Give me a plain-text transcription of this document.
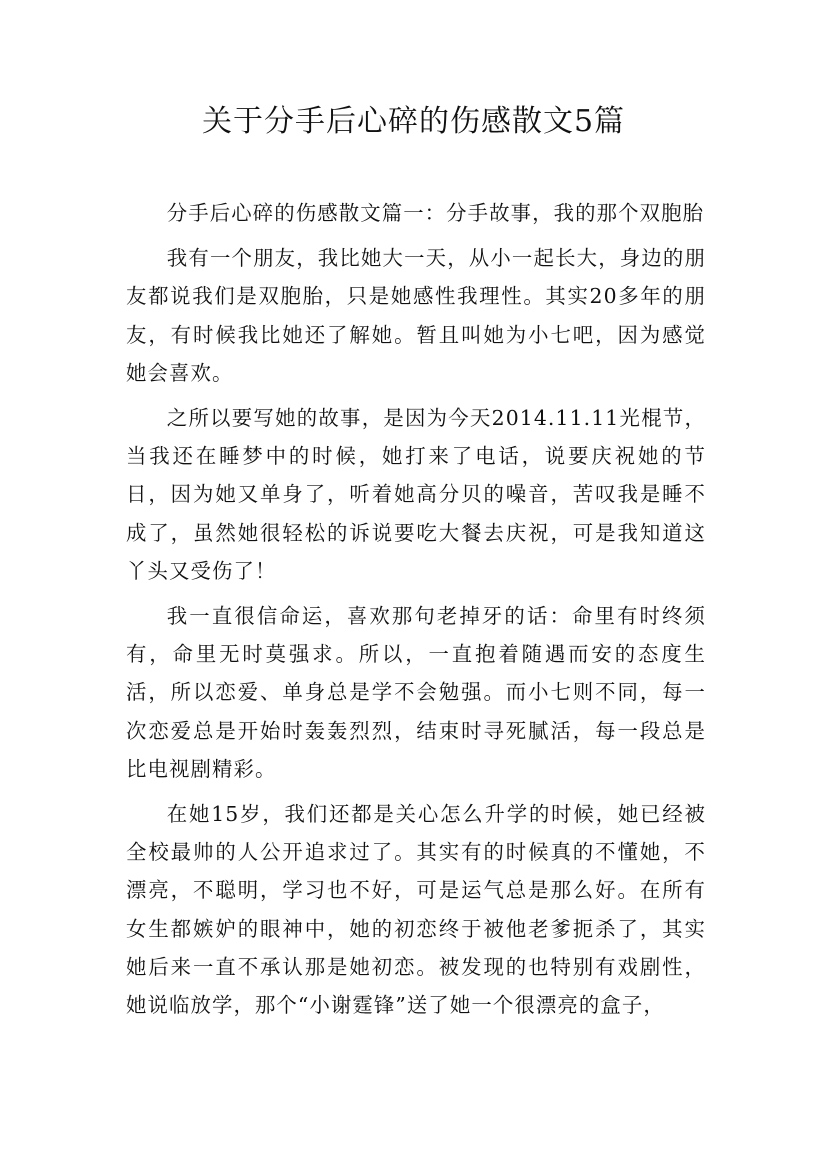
关于分手后心碎的伤感散文5篇

分手后心碎的伤感散文篇一：分手故事，我的那个双胞胎

我有一个朋友，我比她大一天，从小一起长大，身边的朋友都说我们是双胞胎，只是她感性我理性。其实20多年的朋友，有时候我比她还了解她。暂且叫她为小七吧，因为感觉她会喜欢。

之所以要写她的故事，是因为今天2014.11.11光棍节，当我还在睡梦中的时候，她打来了电话，说要庆祝她的节日，因为她又单身了，听着她高分贝的噪音，苦叹我是睡不成了，虽然她很轻松的诉说要吃大餐去庆祝，可是我知道这丫头又受伤了！

我一直很信命运，喜欢那句老掉牙的话：命里有时终须有，命里无时莫强求。所以，一直抱着随遇而安的态度生活，所以恋爱、单身总是学不会勉强。而小七则不同，每一次恋爱总是开始时轰轰烈烈，结束时寻死腻活，每一段总是比电视剧精彩。

在她15岁，我们还都是关心怎么升学的时候，她已经被全校最帅的人公开追求过了。其实有的时候真的不懂她，不漂亮，不聪明，学习也不好，可是运气总是那么好。在所有女生都嫉妒的眼神中，她的初恋终于被他老爹扼杀了，其实她后来一直不承认那是她初恋。被发现的也特别有戏剧性，她说临放学，那个“小谢霆锋”送了她一个很漂亮的盒子，
